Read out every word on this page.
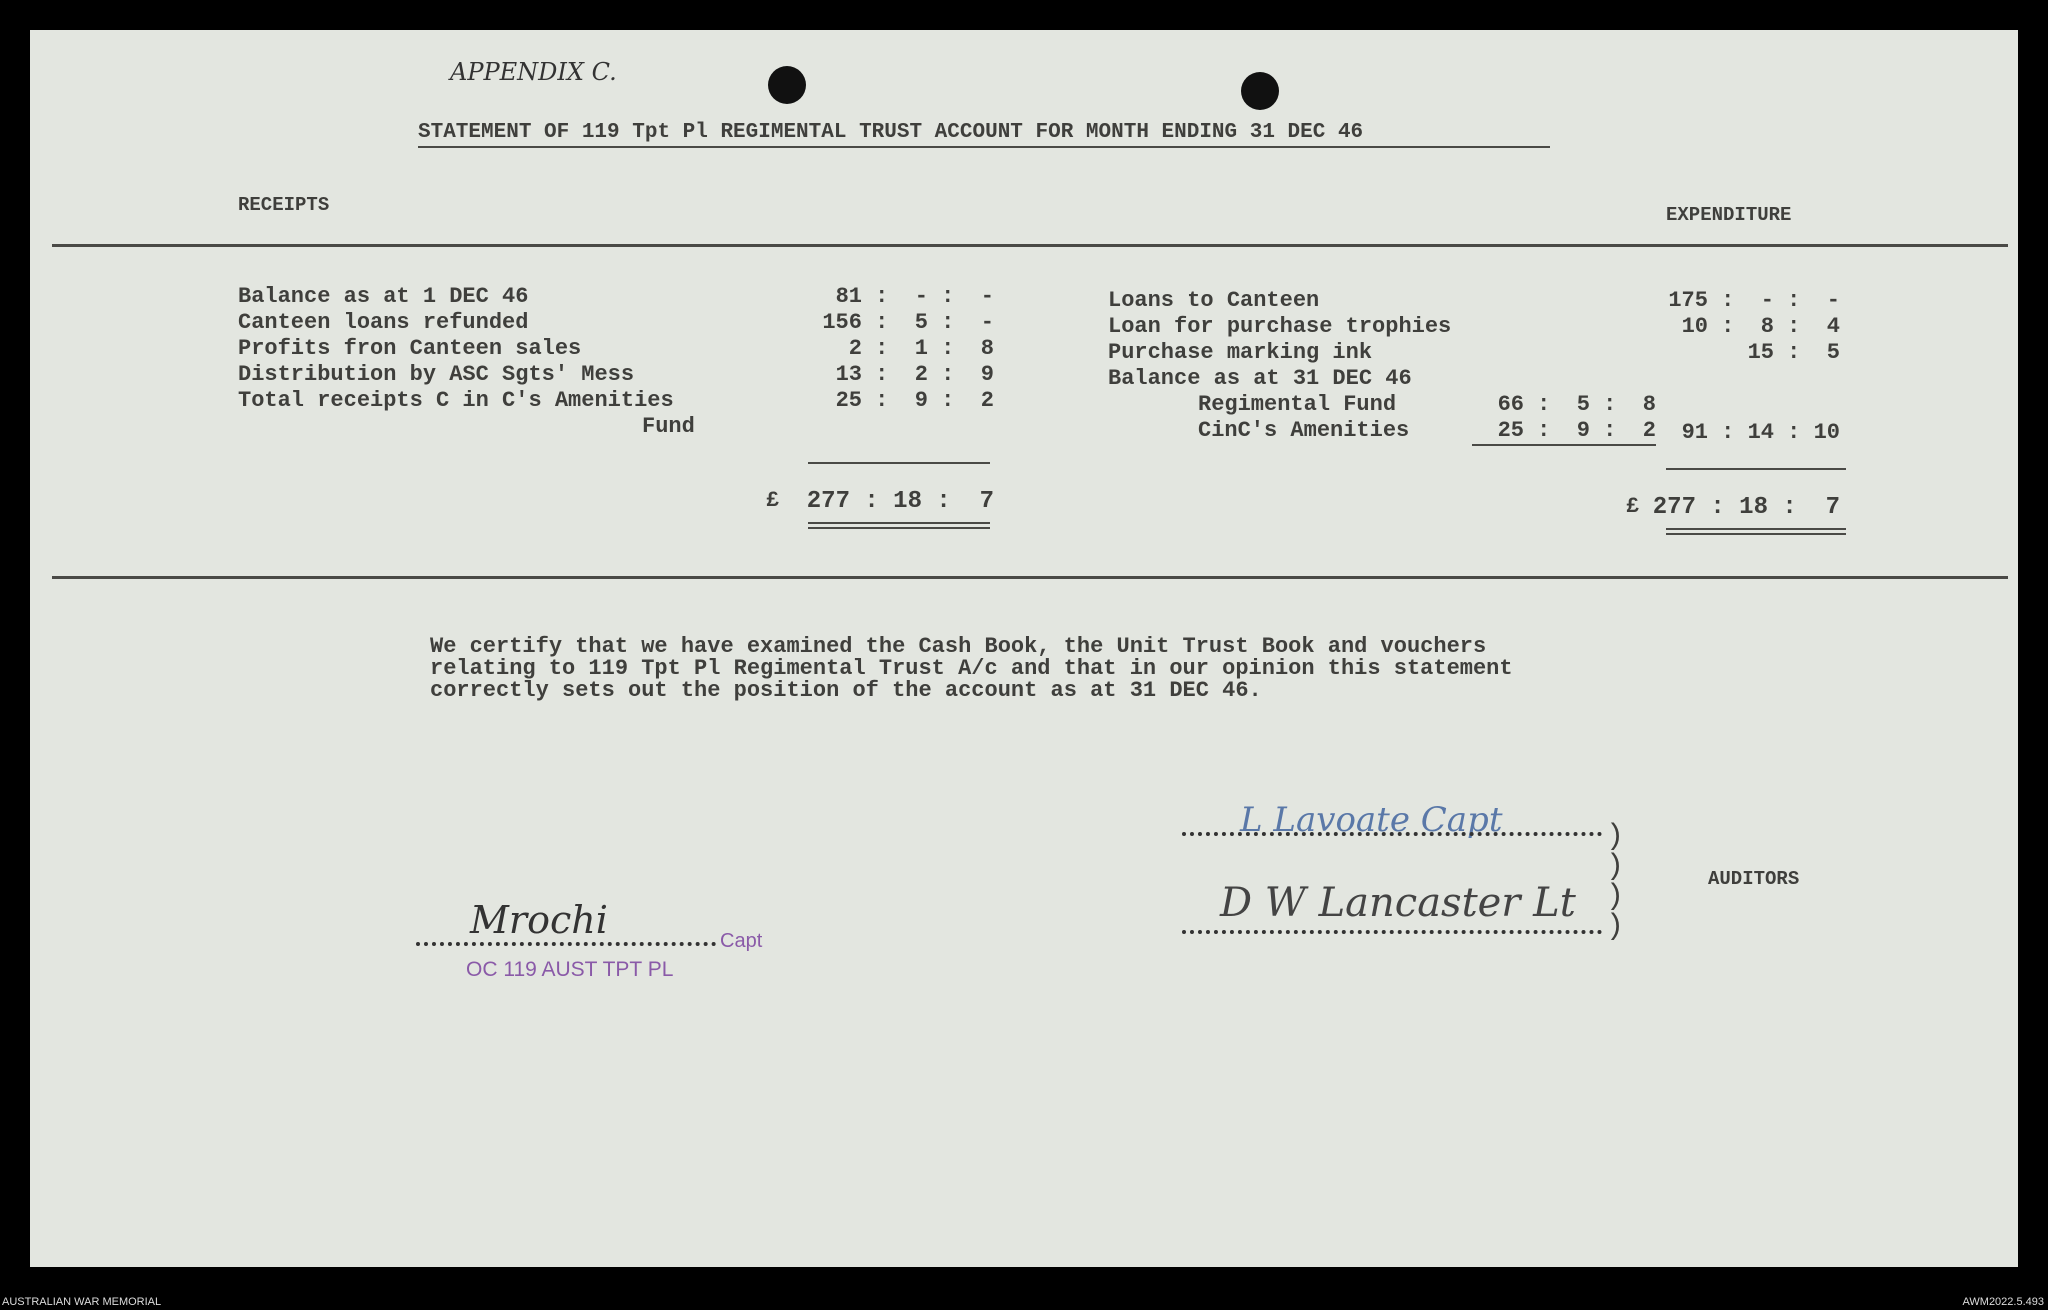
APPENDIX C.
STATEMENT OF 119 Tpt Pl REGIMENTAL TRUST ACCOUNT FOR MONTH ENDING 31 DEC 46
RECEIPTS	EXPENDITURE
Balance as at 1 DEC 46	81 :  - :  -
Canteen loans refunded	156 :  5 :  -
Profits fron Canteen sales	2 :  1 :  8
Distribution by ASC Sgts' Mess	13 :  2 :  9
Total receipts C in C's Amenities	25 :  9 :  2
Fund
£	277 : 18 :  7
Loans to Canteen	175 :  - :  -
Loan for purchase trophies	10 :  8 :  4
Purchase marking ink	15 :  5
Balance as at 31 DEC 46
Regimental Fund	66 :  5 :  8
CinC's Amenities	25 :  9 :  2	91 : 14 : 10
£ 277 : 18 :  7
We certify that we have examined the Cash Book, the Unit Trust Book and vouchers
relating to 119 Tpt Pl Regimental Trust A/c and that in our opinion this statement
correctly sets out the position of the account as at 31 DEC 46.
L Lavoate Capt
D W Lancaster Lt
)
)
)
)
AUDITORS
Mrochi	Capt
OC 119 AUST TPT PL
AUSTRALIAN WAR MEMORIAL	AWM2022.5.493
